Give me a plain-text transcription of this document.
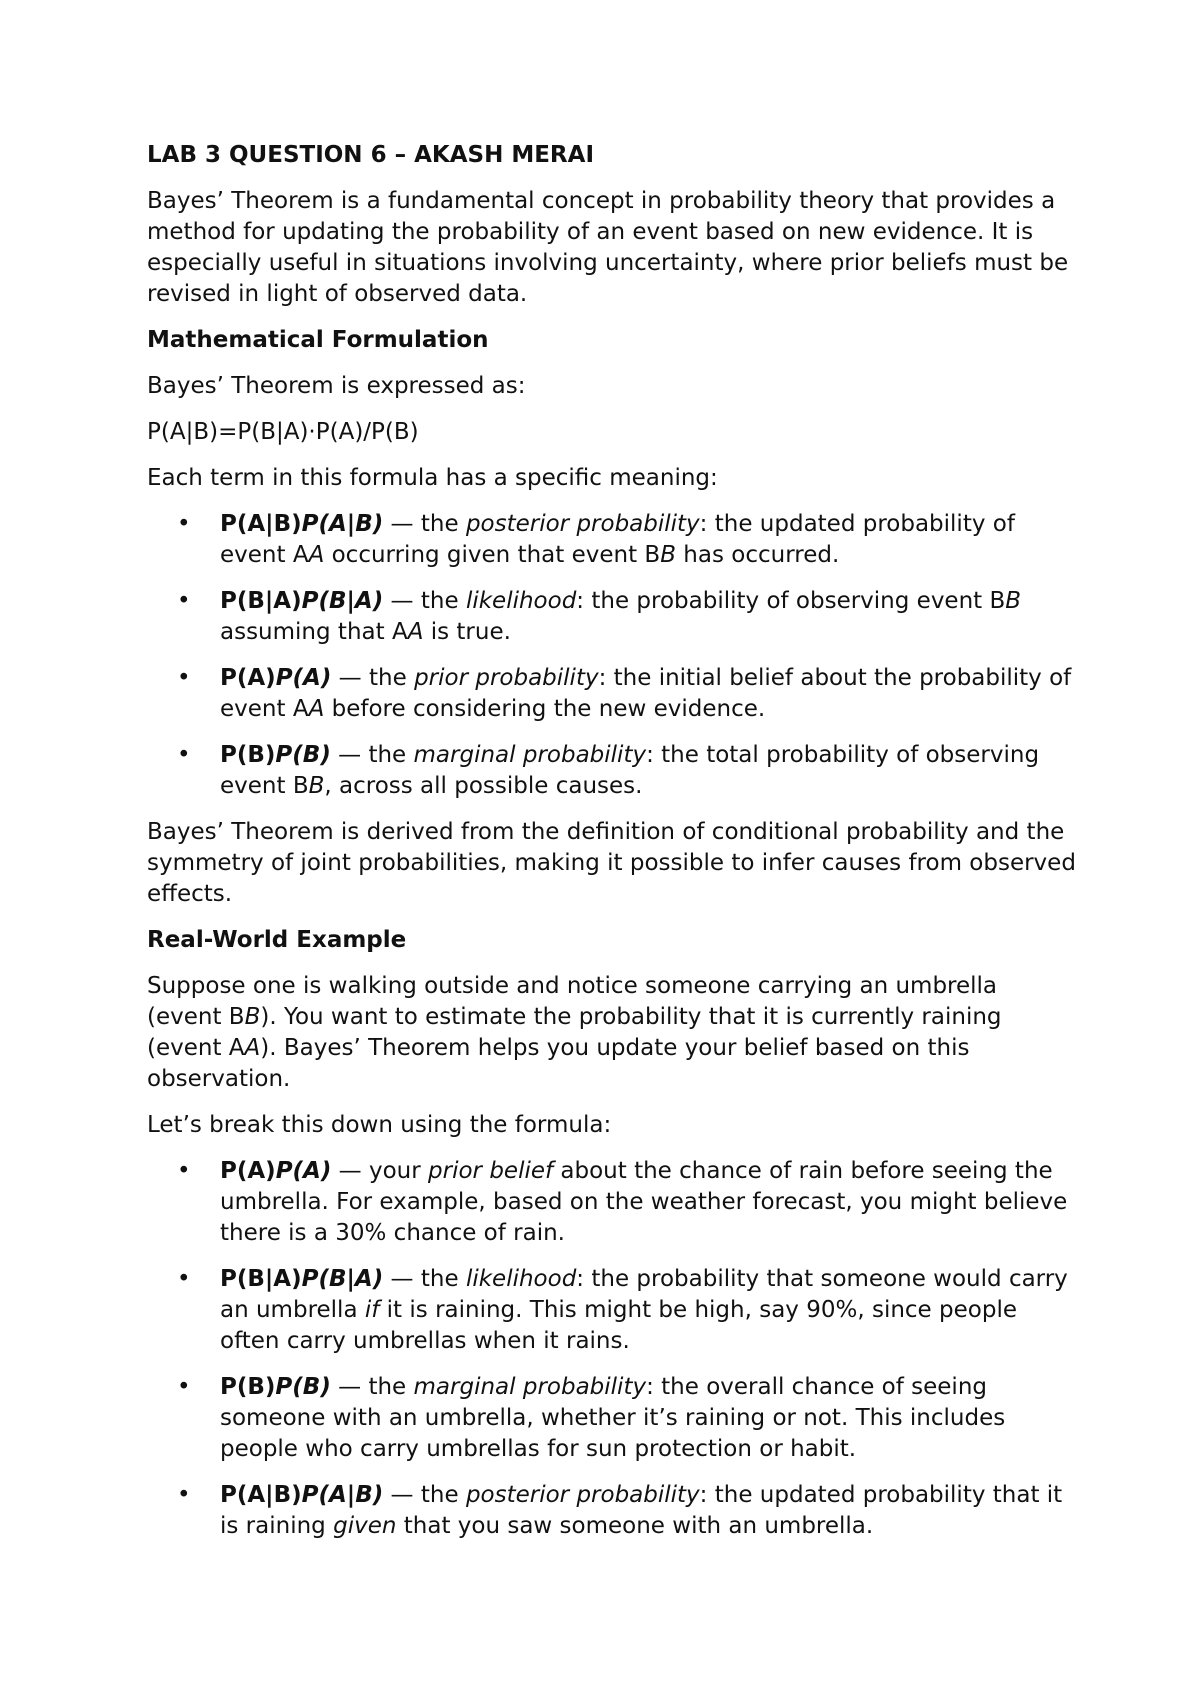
LAB 3 QUESTION 6 – AKASH MERAI

Bayes’ Theorem is a fundamental concept in probability theory that provides a method for updating the probability of an event based on new evidence. It is especially useful in situations involving uncertainty, where prior beliefs must be revised in light of observed data.

Mathematical Formulation

Bayes’ Theorem is expressed as:

P(A|B)=P(B|A)·P(A)/P(B)

Each term in this formula has a specific meaning:

• P(A|B)P(A|B) — the posterior probability: the updated probability of event AA occurring given that event BB has occurred.
• P(B|A)P(B|A) — the likelihood: the probability of observing event BB assuming that AA is true.
• P(A)P(A) — the prior probability: the initial belief about the probability of event AA before considering the new evidence.
• P(B)P(B) — the marginal probability: the total probability of observing event BB, across all possible causes.

Bayes’ Theorem is derived from the definition of conditional probability and the symmetry of joint probabilities, making it possible to infer causes from observed effects.

Real-World Example

Suppose one is walking outside and notice someone carrying an umbrella (event BB). You want to estimate the probability that it is currently raining (event AA). Bayes’ Theorem helps you update your belief based on this observation.

Let’s break this down using the formula:

• P(A)P(A) — your prior belief about the chance of rain before seeing the umbrella. For example, based on the weather forecast, you might believe there is a 30% chance of rain.
• P(B|A)P(B|A) — the likelihood: the probability that someone would carry an umbrella if it is raining. This might be high, say 90%, since people often carry umbrellas when it rains.
• P(B)P(B) — the marginal probability: the overall chance of seeing someone with an umbrella, whether it’s raining or not. This includes people who carry umbrellas for sun protection or habit.
• P(A|B)P(A|B) — the posterior probability: the updated probability that it is raining given that you saw someone with an umbrella.
